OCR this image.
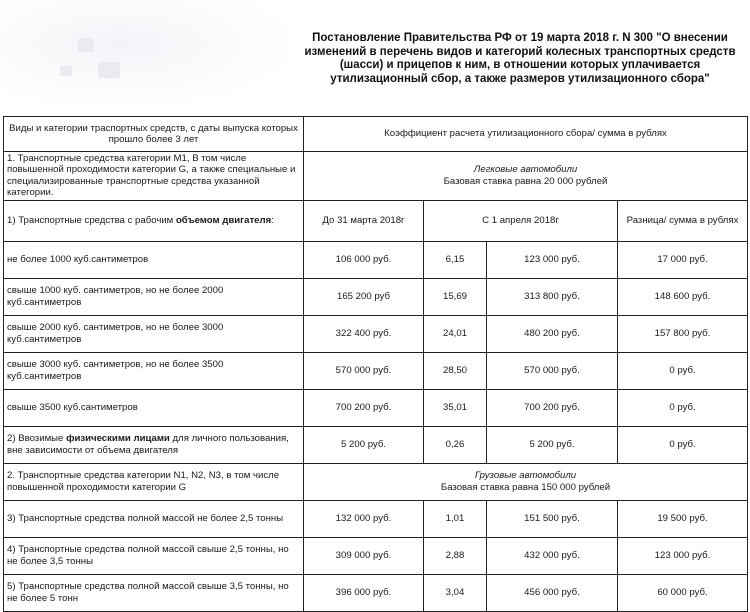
Постановление Правительства РФ от 19 марта 2018 г. N 300 "О внесении изменений в перечень видов и категорий колесных транспортных средств (шасси) и прицепов к ним, в отношении которых уплачивается утилизационный сбор, а также размеров утилизационного сбора"
Виды и категории траспортных средств, с даты выпуска которых прошло более 3 лет	Коэффициент расчета утилизационного сбора/ сумма в рублях			
1. Транспортные средства категории M1, В том числе повышенной проходимости категории G, а также специальные и специализированные транспортные средства указанной категории.	Легковые автомобили
Базовая ставка равна 20 000 рублей			

1) Транспортные средства с рабочим объемом двигателя:	До 31 марта 2018г	С 1 апреля 2018г		Разница/ сумма в рублях
не более 1000 куб.сантиметров	106 000 руб.	6,15	123 000 руб.	17 000 руб.
свыше 1000 куб. сантиметров, но не более 2000 куб.сантиметров	165 200 руб	15,69	313 800 руб.	148 600 руб.
свыше 2000 куб. сантиметров, но не более 3000 куб.сантиметров	322 400 руб.	24,01	480 200 руб.	157 800 руб.
свыше 3000 куб. сантиметров, но не более 3500 куб.сантиметров	570 000 руб.	28,50	570 000 руб.	0 руб.
свыше 3500 куб.сантиметров	700 200 руб.	35,01	700 200 руб.	0 руб.
2) Ввозимые физическими лицами для личного пользования, вне зависимости от объема двигателя	5 200 руб.	0,26	5 200 руб.	0 руб.
2. Транспортные средства категории N1, N2, N3, в том числе повышенной проходимости категории G	Грузовые автомобили
Базовая ставка равна 150 000 рублей			

3) Транспортные средства полной массой не более 2,5 тонны	132 000 руб.	1,01	151 500 руб.	19 500 руб.
4) Транспортные средства полной массой свыше 2,5 тонны, но не более 3,5 тонны	309 000 руб.	2,88	432 000 руб.	123 000 руб.
5) Транспортные средства полной массой свыше 3,5 тонны, но не более 5 тонн	396 000 руб.	3,04	456 000 руб.	60 000 руб.
